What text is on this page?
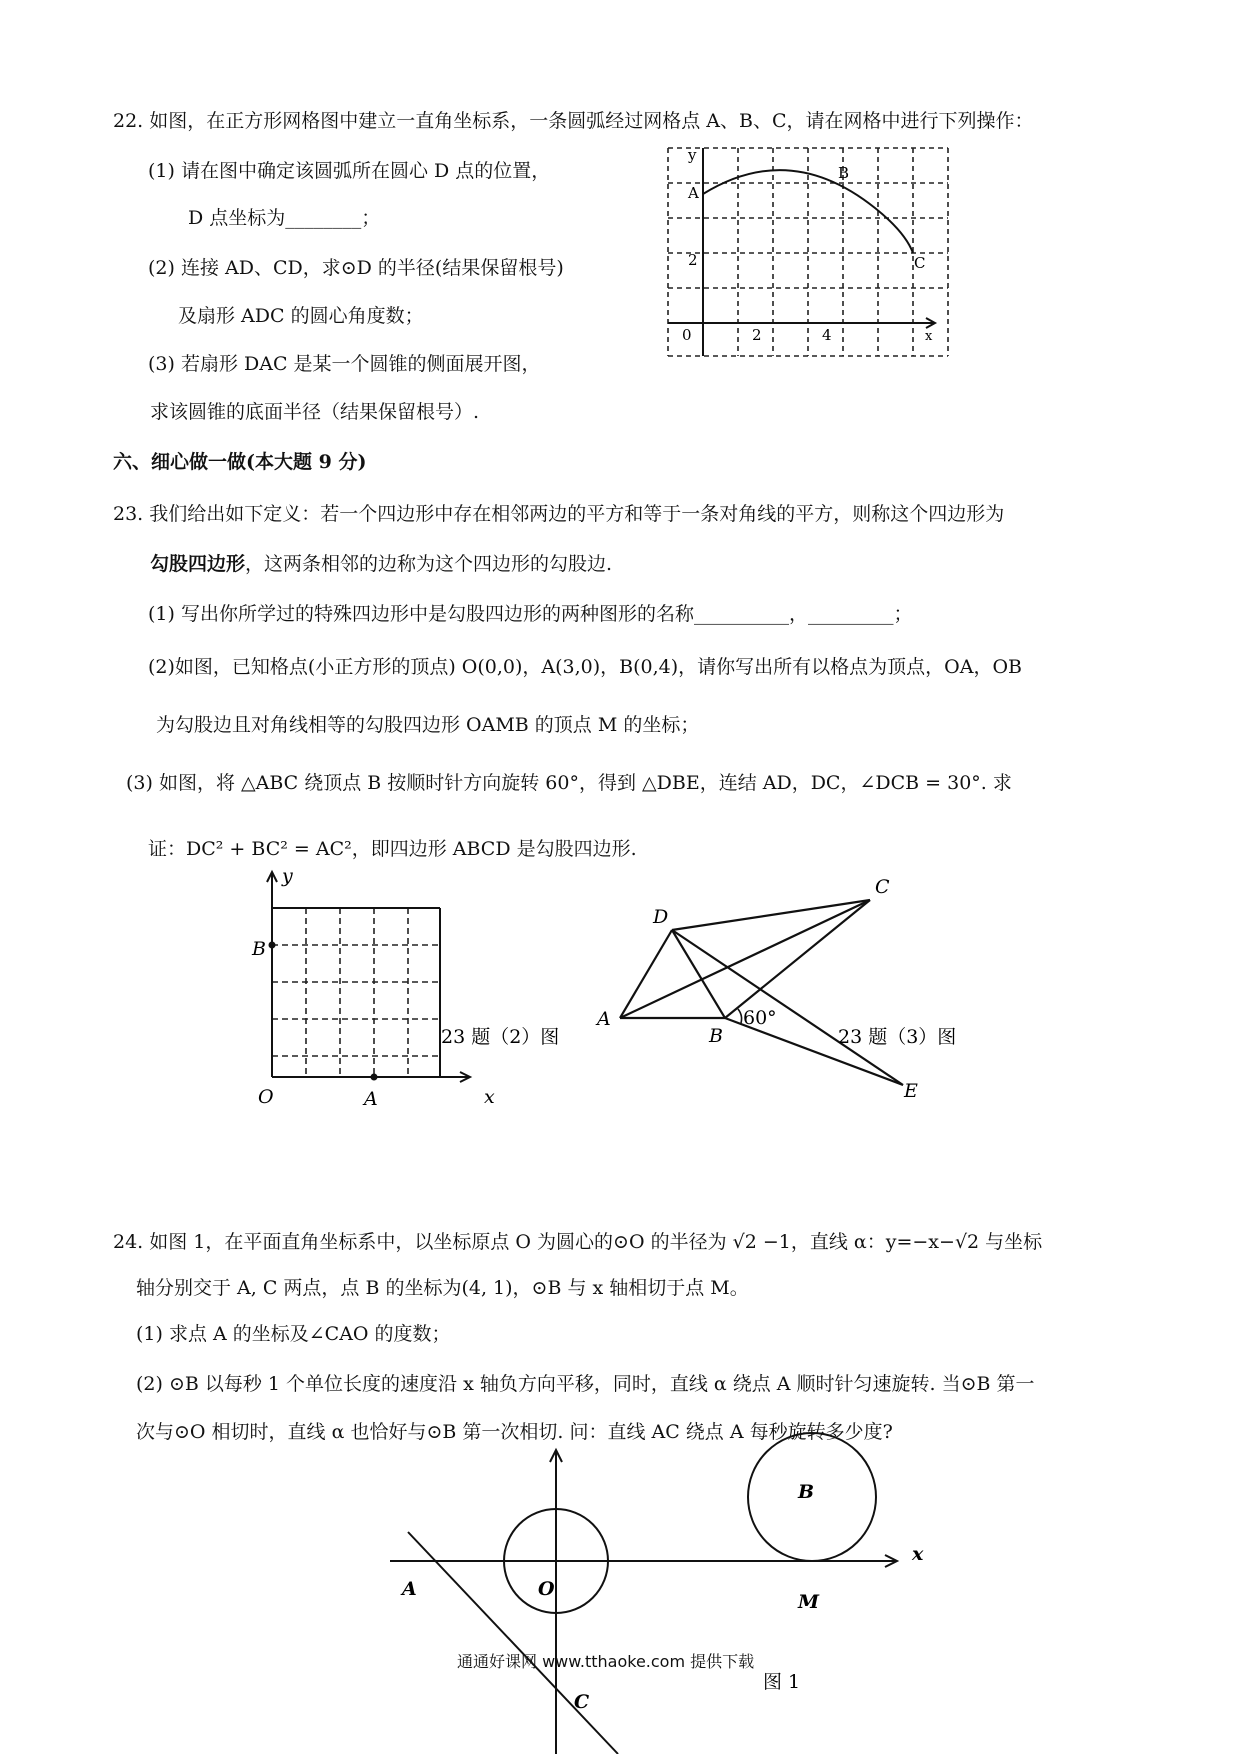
22. 如图，在正方形网格图中建立一直角坐标系，一条圆弧经过网格点 A、B、C，请在网格中进行下列操作：
(1) 请在图中确定该圆弧所在圆心 D 点的位置，
D 点坐标为________；
(2) 连接 AD、CD，求⊙D 的半径(结果保留根号)
及扇形 ADC 的圆心角度数；
(3) 若扇形 DAC 是某一个圆锥的侧面展开图，
求该圆锥的底面半径（结果保留根号）.
y
A
B
C
2
0	2	4	x
六、细心做一做(本大题 9 分)
23. 我们给出如下定义：若一个四边形中存在相邻两边的平方和等于一条对角线的平方，则称这个四边形为
勾股四边形，这两条相邻的边称为这个四边形的勾股边.
(1) 写出你所学过的特殊四边形中是勾股四边形的两种图形的名称__________，_________；
(2)如图，已知格点(小正方形的顶点) O(0,0)，A(3,0)，B(0,4)，请你写出所有以格点为顶点，OA，OB
为勾股边且对角线相等的勾股四边形 OAMB 的顶点 M 的坐标；
(3) 如图，将 △ABC 绕顶点 B 按顺时针方向旋转 60°，得到 △DBE，连结 AD，DC，∠DCB = 30°. 求
证：DC² + BC² = AC²，即四边形 ABCD 是勾股四边形.
y
B
O	A	x
23 题（2）图
60°
A
B
C
D
E
23 题（3）图
24. 如图 1，在平面直角坐标系中，以坐标原点 O 为圆心的⊙O 的半径为 √2 −1，直线 α：y=−x−√2 与坐标
轴分别交于 A, C 两点，点 B 的坐标为(4, 1)，⊙B 与 x 轴相切于点 M。
(1) 求点 A 的坐标及∠CAO 的度数；
(2) ⊙B 以每秒 1 个单位长度的速度沿 x 轴负方向平移，同时，直线 α 绕点 A 顺时针匀速旋转. 当⊙B 第一
次与⊙O 相切时，直线 α 也恰好与⊙B 第一次相切. 问：直线 AC 绕点 A 每秒旋转多少度?
x
A	O
B
M
C
图 1
通通好课网 www.tthaoke.com 提供下载
